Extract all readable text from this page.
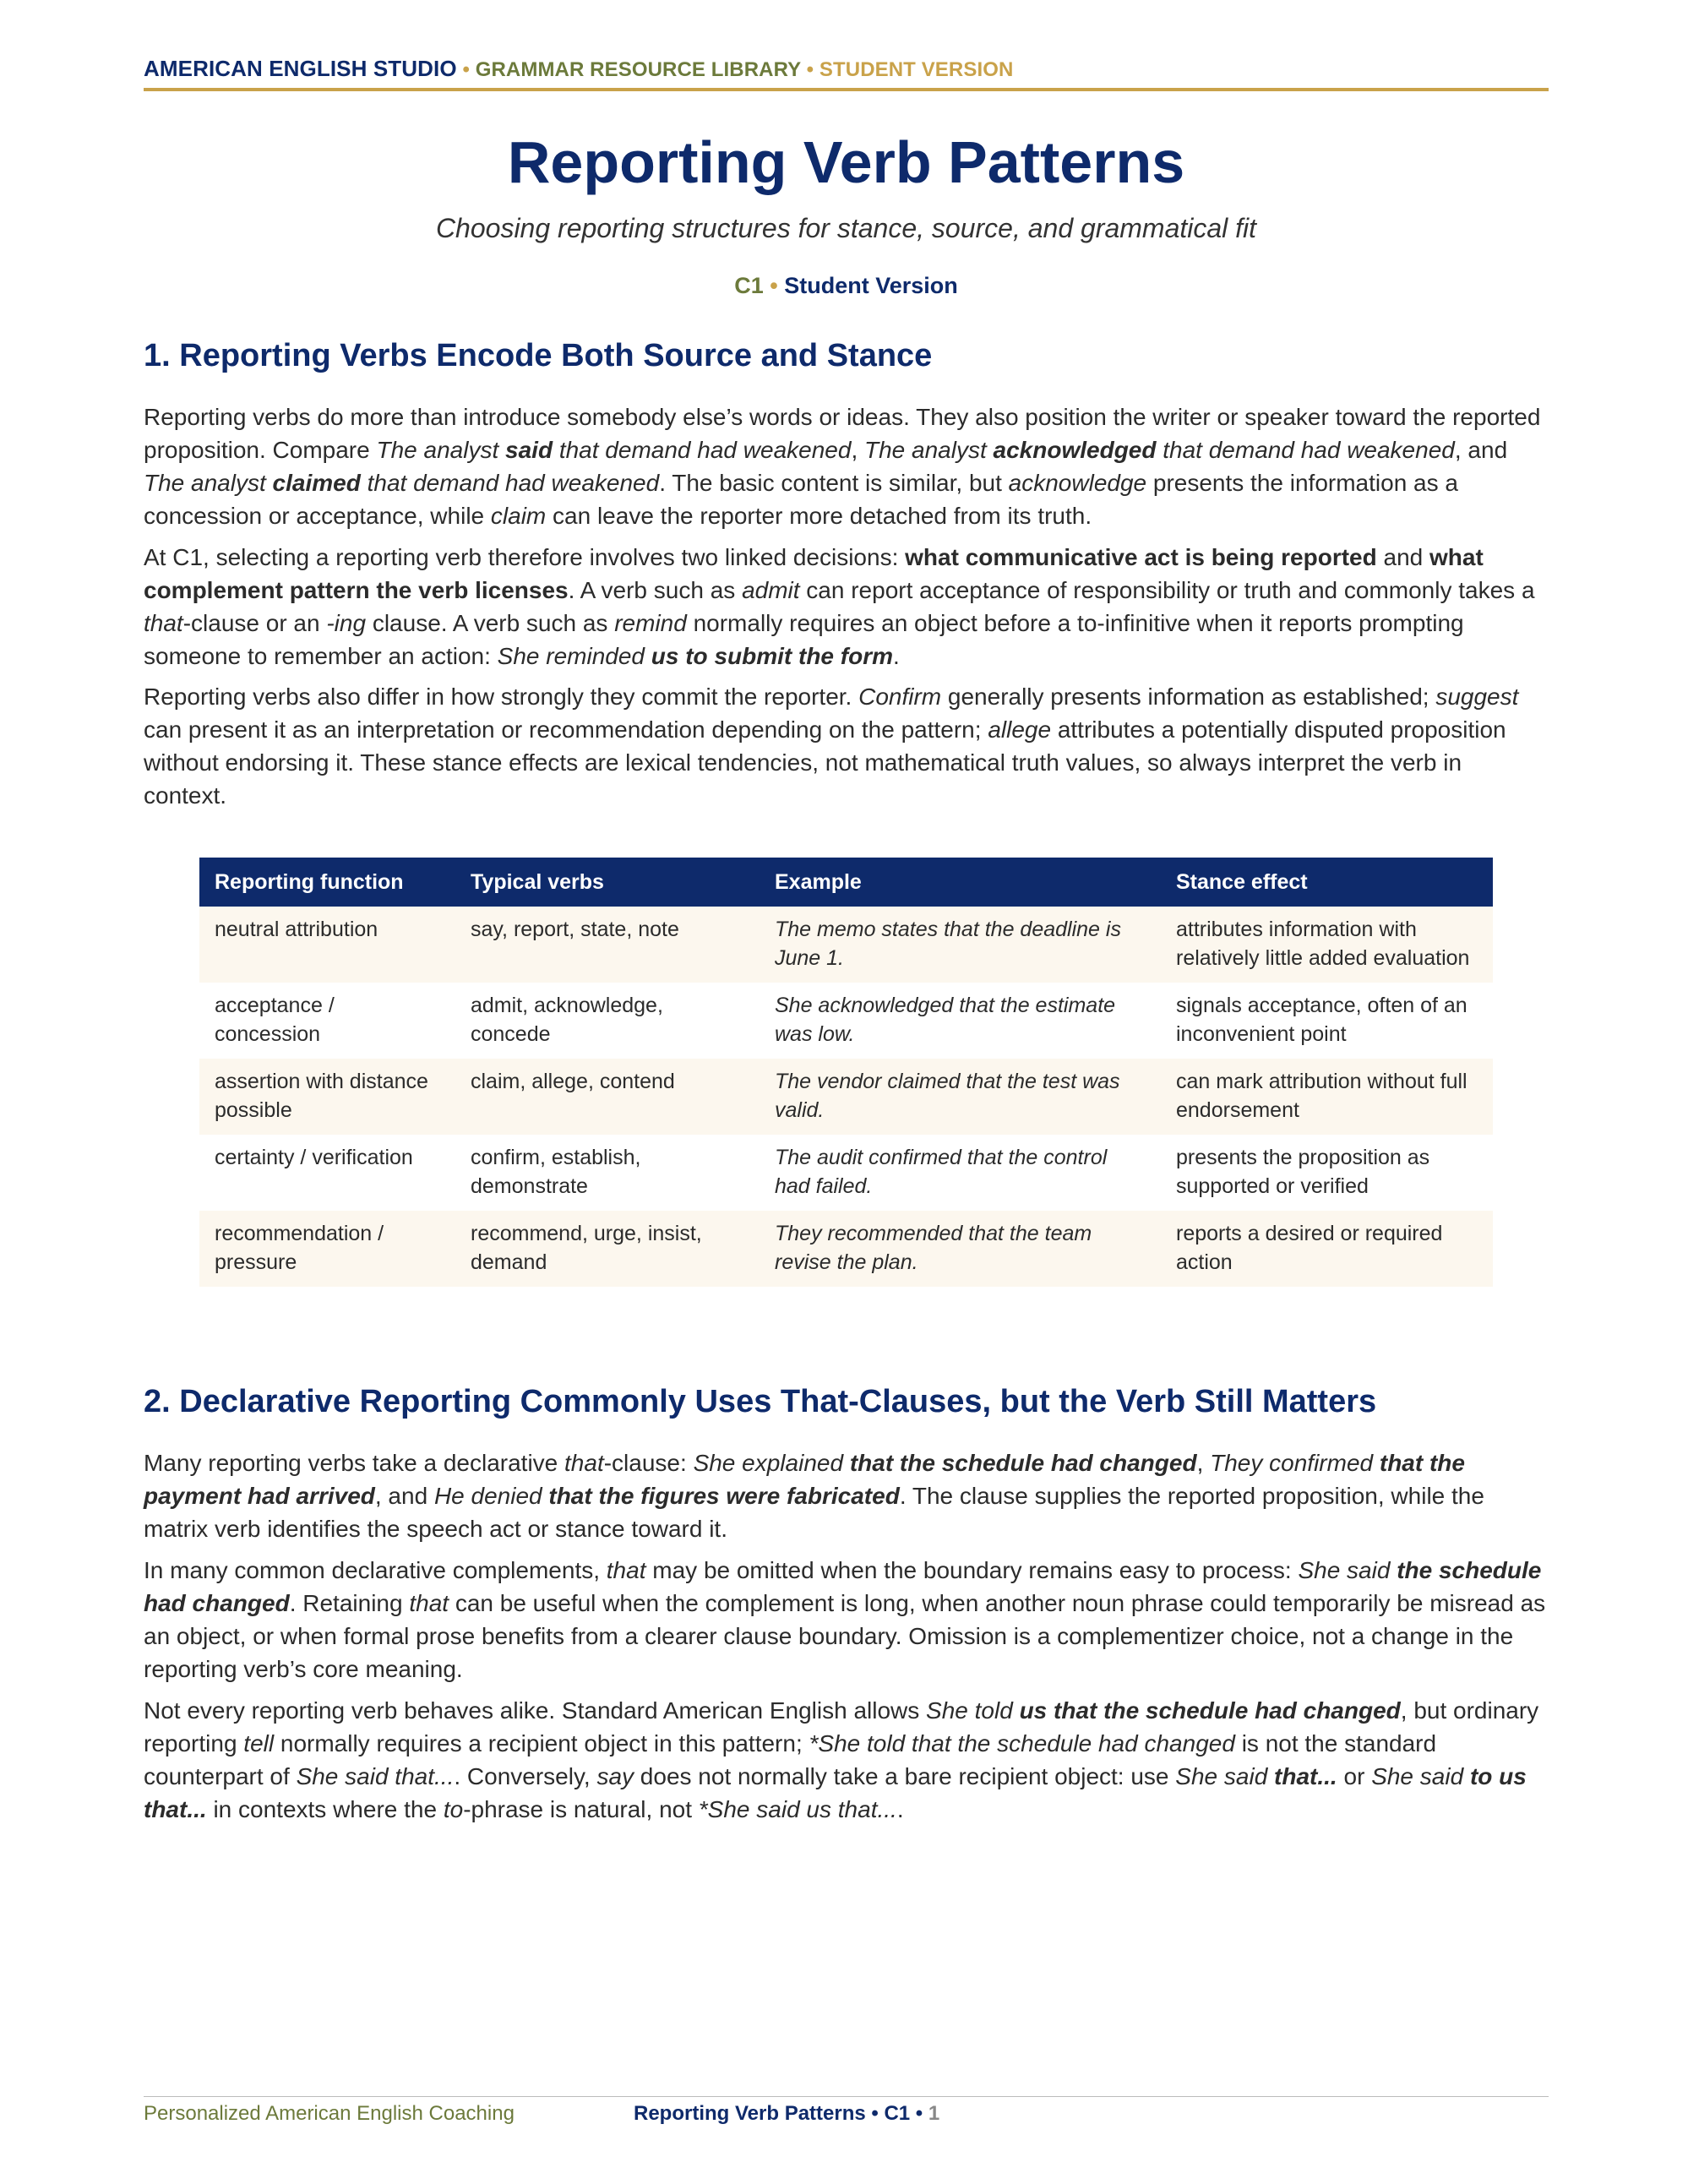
AMERICAN ENGLISH STUDIO • GRAMMAR RESOURCE LIBRARY • STUDENT VERSION
Reporting Verb Patterns
Choosing reporting structures for stance, source, and grammatical fit
C1 • Student Version
1. Reporting Verbs Encode Both Source and Stance

Reporting verbs do more than introduce somebody else’s words or ideas. They also position the writer or speaker toward the reported proposition. Compare The analyst said that demand had weakened, The analyst acknowledged that demand had weakened, and The analyst claimed that demand had weakened. The basic content is similar, but acknowledge presents the information as a concession or acceptance, while claim can leave the reporter more detached from its truth.

At C1, selecting a reporting verb therefore involves two linked decisions: what communicative act is being reported and what complement pattern the verb licenses. A verb such as admit can report acceptance of responsibility or truth and commonly takes a that-clause or an -ing clause. A verb such as remind normally requires an object before a to-infinitive when it reports prompting someone to remember an action: She reminded us to submit the form.

Reporting verbs also differ in how strongly they commit the reporter. Confirm generally presents information as established; suggest can present it as an interpretation or recommendation depending on the pattern; allege attributes a potentially disputed proposition without endorsing it. These stance effects are lexical tendencies, not mathematical truth values, so always interpret the verb in context.

Reporting function	Typical verbs	Example	Stance effect
neutral attribution	say, report, state, note	The memo states that the deadline is June 1.	attributes information with relatively little added evaluation
acceptance / concession	admit, acknowledge, concede	She acknowledged that the estimate was low.	signals acceptance, often of an inconvenient point
assertion with distance possible	claim, allege, contend	The vendor claimed that the test was valid.	can mark attribution without full endorsement
certainty / verification	confirm, establish, demonstrate	The audit confirmed that the control had failed.	presents the proposition as supported or verified
recommendation / pressure	recommend, urge, insist, demand	They recommended that the team revise the plan.	reports a desired or required action
2. Declarative Reporting Commonly Uses That-Clauses, but the Verb Still Matters

Many reporting verbs take a declarative that-clause: She explained that the schedule had changed, They confirmed that the payment had arrived, and He denied that the figures were fabricated. The clause supplies the reported proposition, while the matrix verb identifies the speech act or stance toward it.

In many common declarative complements, that may be omitted when the boundary remains easy to process: She said the schedule had changed. Retaining that can be useful when the complement is long, when another noun phrase could temporarily be misread as an object, or when formal prose benefits from a clearer clause boundary. Omission is a complementizer choice, not a change in the reporting verb’s core meaning.

Not every reporting verb behaves alike. Standard American English allows She told us that the schedule had changed, but ordinary reporting tell normally requires a recipient object in this pattern; *She told that the schedule had changed is not the standard counterpart of She said that.... Conversely, say does not normally take a bare recipient object: use She said that... or She said to us that... in contexts where the to-phrase is natural, not *She said us that....

Personalized American English Coaching	Reporting Verb Patterns • C1 • 1
